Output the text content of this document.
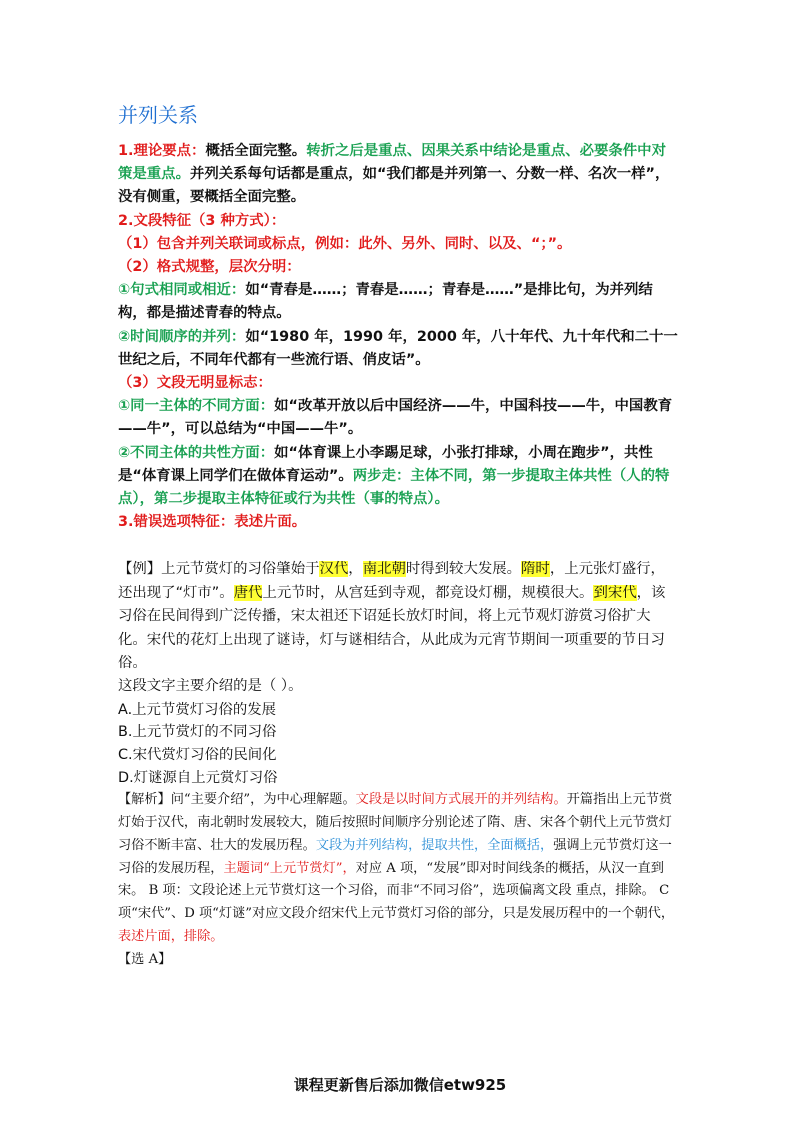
并列关系

1.理论要点：概括全面完整。转折之后是重点、因果关系中结论是重点、必要条件中对策是重点。并列关系每句话都是重点，如“我们都是并列第一、分数一样、名次一样”，没有侧重，要概括全面完整。

2.文段特征（3 种方式）：

（1）包含并列关联词或标点，例如：此外、另外、同时、以及、“；”。

（2）格式规整，层次分明：

①句式相同或相近：如“青春是……；青春是……；青春是……”是排比句，为并列结构，都是描述青春的特点。

②时间顺序的并列：如“1980 年，1990 年，2000 年，八十年代、九十年代和二十一世纪之后，不同年代都有一些流行语、俏皮话”。

（3）文段无明显标志：

①同一主体的不同方面：如“改革开放以后中国经济——牛，中国科技——牛，中国教育——牛”，可以总结为“中国——牛”。

②不同主体的共性方面：如“体育课上小李踢足球，小张打排球，小周在跑步”，共性是“体育课上同学们在做体育运动”。两步走：主体不同，第一步提取主体共性（人的特点），第二步提取主体特征或行为共性（事的特点）。

3.错误选项特征：表述片面。

【例】上元节赏灯的习俗肇始于汉代，南北朝时得到较大发展。隋时，上元张灯盛行，还出现了“灯市”。唐代上元节时，从宫廷到寺观，都竞设灯棚，规模很大。到宋代，该习俗在民间得到广泛传播，宋太祖还下诏延长放灯时间，将上元节观灯游赏习俗扩大化。宋代的花灯上出现了谜诗，灯与谜相结合，从此成为元宵节期间一项重要的节日习俗。

这段文字主要介绍的是（ ）。

A.上元节赏灯习俗的发展

B.上元节赏灯的不同习俗

C.宋代赏灯习俗的民间化

D.灯谜源自上元赏灯习俗

【解析】问“主要介绍”，为中心理解题。文段是以时间方式展开的并列结构。开篇指出上元节赏灯始于汉代，南北朝时发展较大，随后按照时间顺序分别论述了隋、唐、宋各个朝代上元节赏灯习俗不断丰富、壮大的发展历程。文段为并列结构，提取共性，全面概括，强调上元节赏灯这一习俗的发展历程，主题词“上元节赏灯”，对应 A 项，“发展”即对时间线条的概括，从汉一直到宋。 B 项：文段论述上元节赏灯这一个习俗，而非“不同习俗”，选项偏离文段 重点，排除。 C 项“宋代”、D 项“灯谜”对应文段介绍宋代上元节赏灯习俗的部分，只是发展历程中的一个朝代，表述片面，排除。

【选 A】

课程更新售后添加微信etw925
